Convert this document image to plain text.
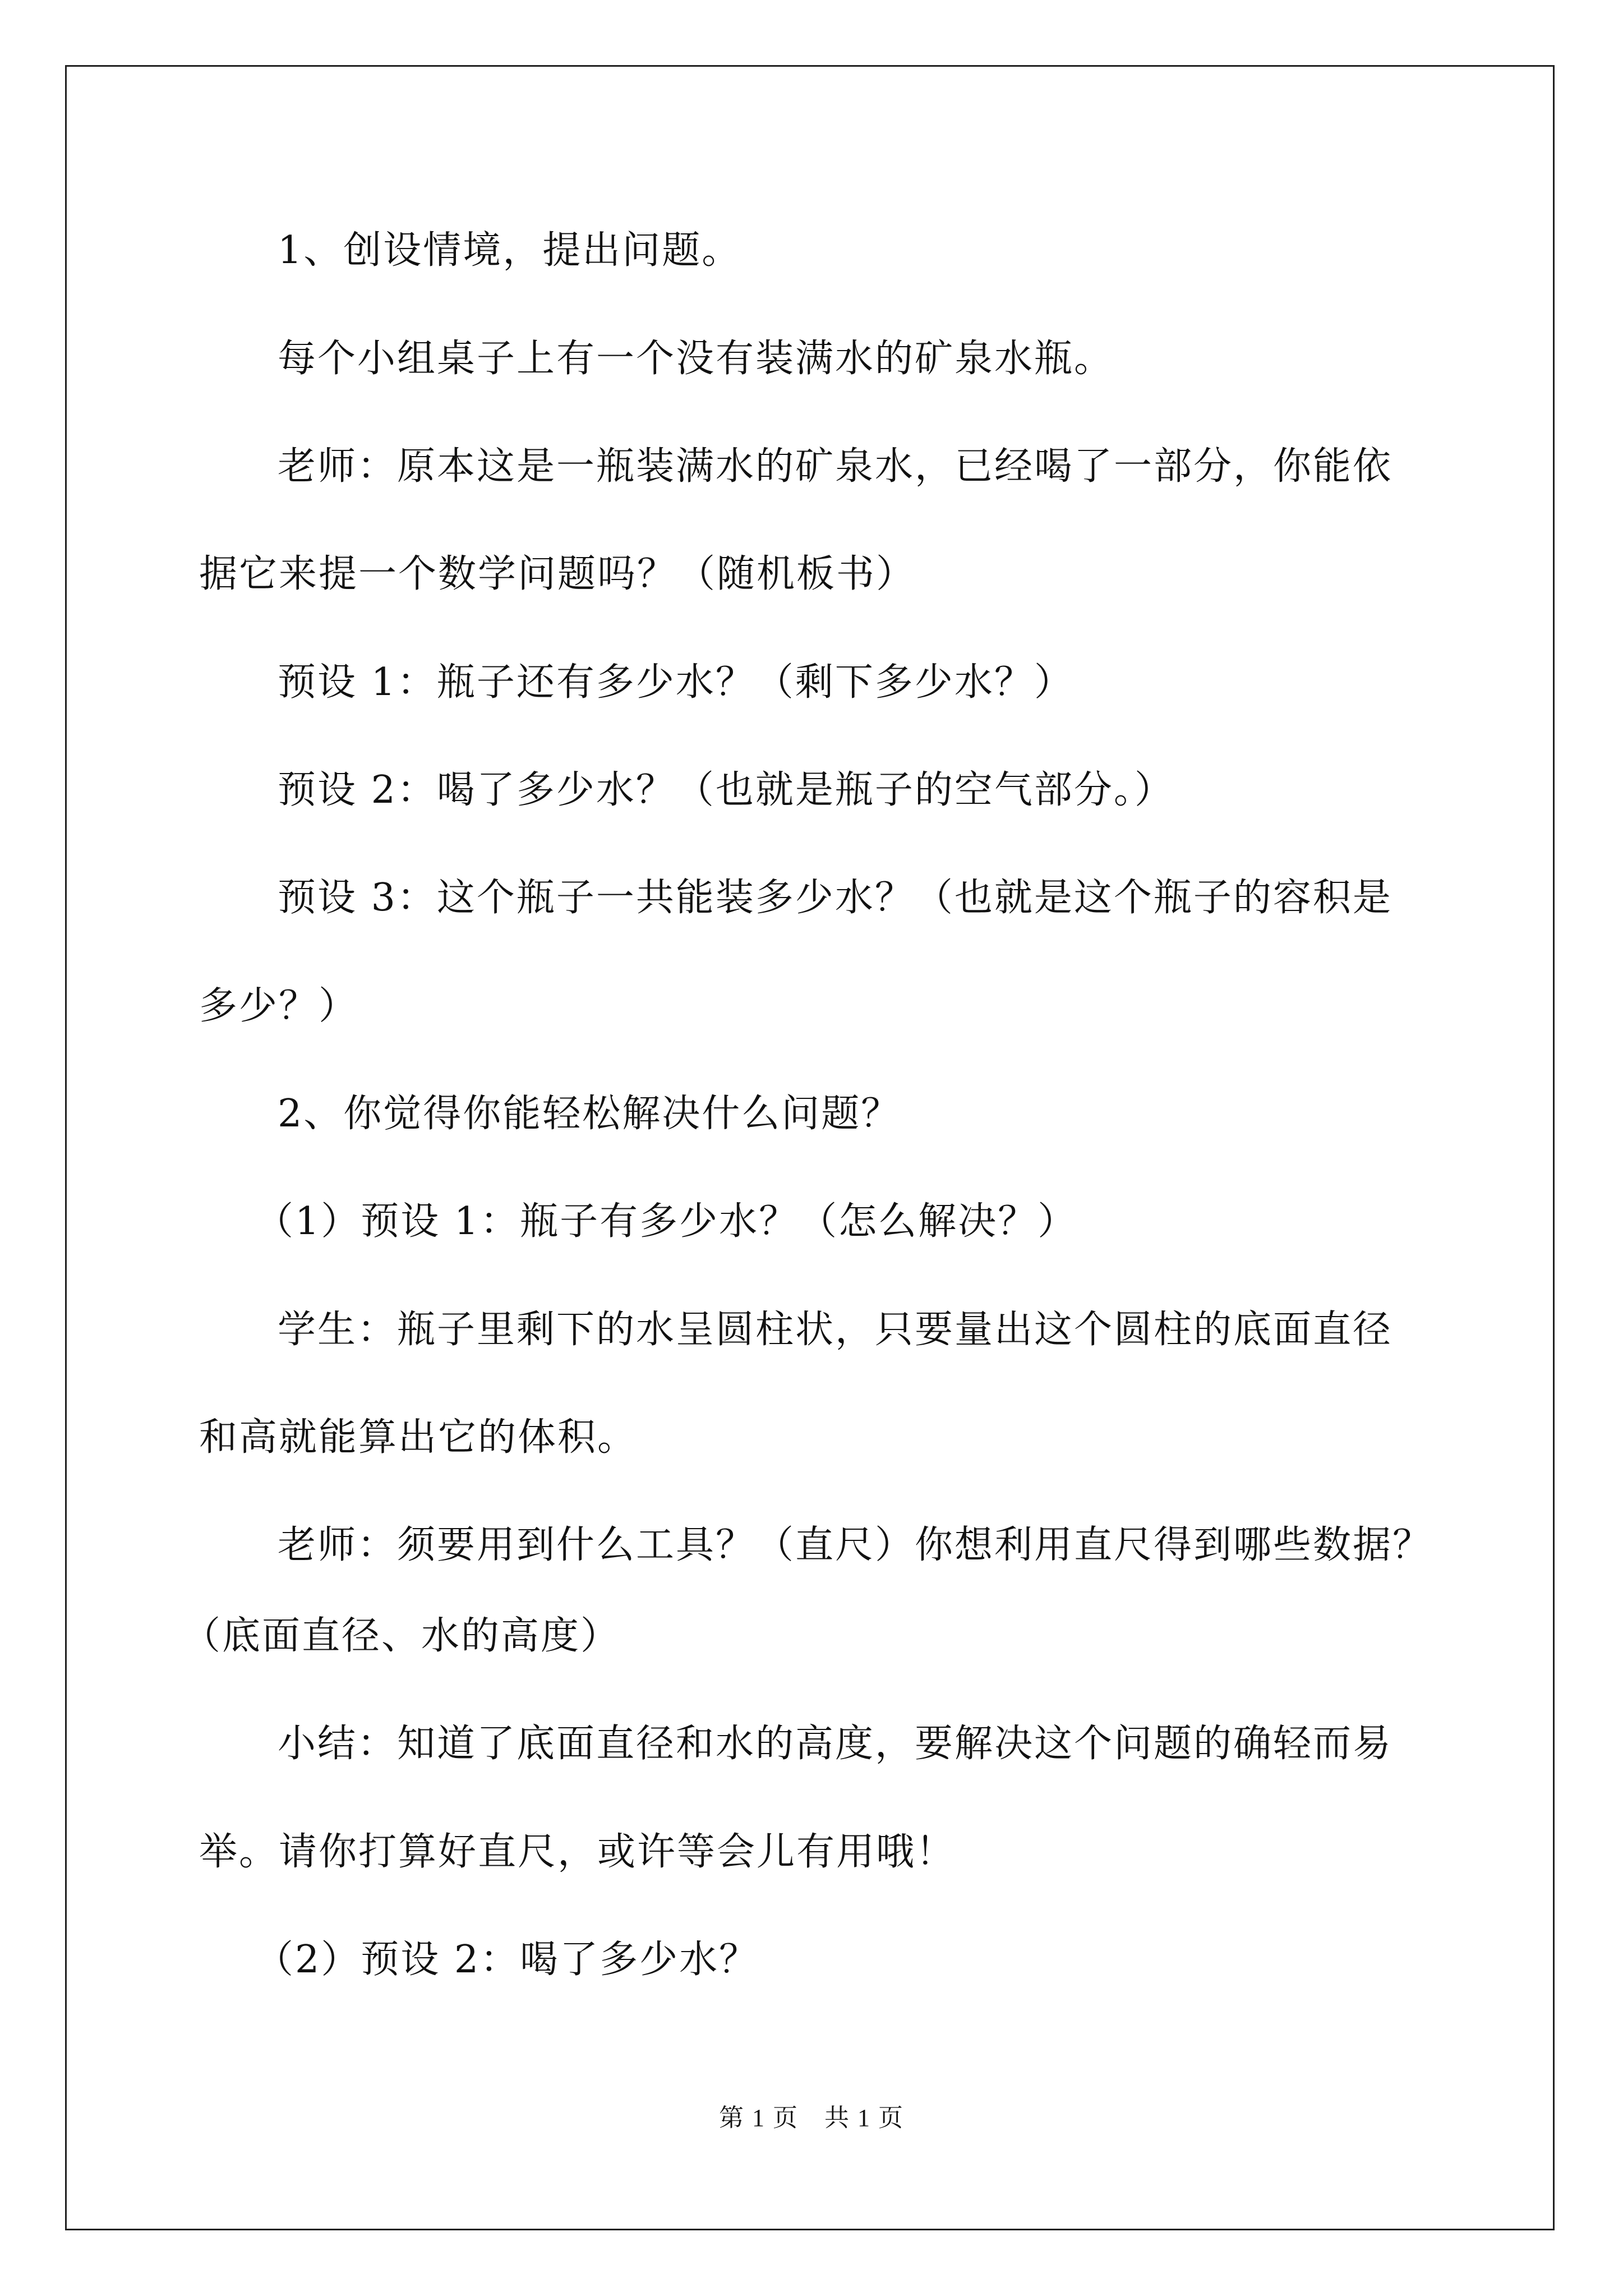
1、创设情境，提出问题。
每个小组桌子上有一个没有装满水的矿泉水瓶。
老师：原本这是一瓶装满水的矿泉水，已经喝了一部分，你能依
据它来提一个数学问题吗？（随机板书）
预设 1：瓶子还有多少水？（剩下多少水？）
预设 2：喝了多少水？（也就是瓶子的空气部分。）
预设 3：这个瓶子一共能装多少水？（也就是这个瓶子的容积是
多少？）
2、你觉得你能轻松解决什么问题？
（1）预设 1：瓶子有多少水？（怎么解决？）
学生：瓶子里剩下的水呈圆柱状，只要量出这个圆柱的底面直径
和高就能算出它的体积。
老师：须要用到什么工具？（直尺）你想利用直尺得到哪些数据？
（底面直径、水的高度）
小结：知道了底面直径和水的高度，要解决这个问题的确轻而易
举。请你打算好直尺，或许等会儿有用哦！
（2）预设 2：喝了多少水？
第 1 页　共 1 页
